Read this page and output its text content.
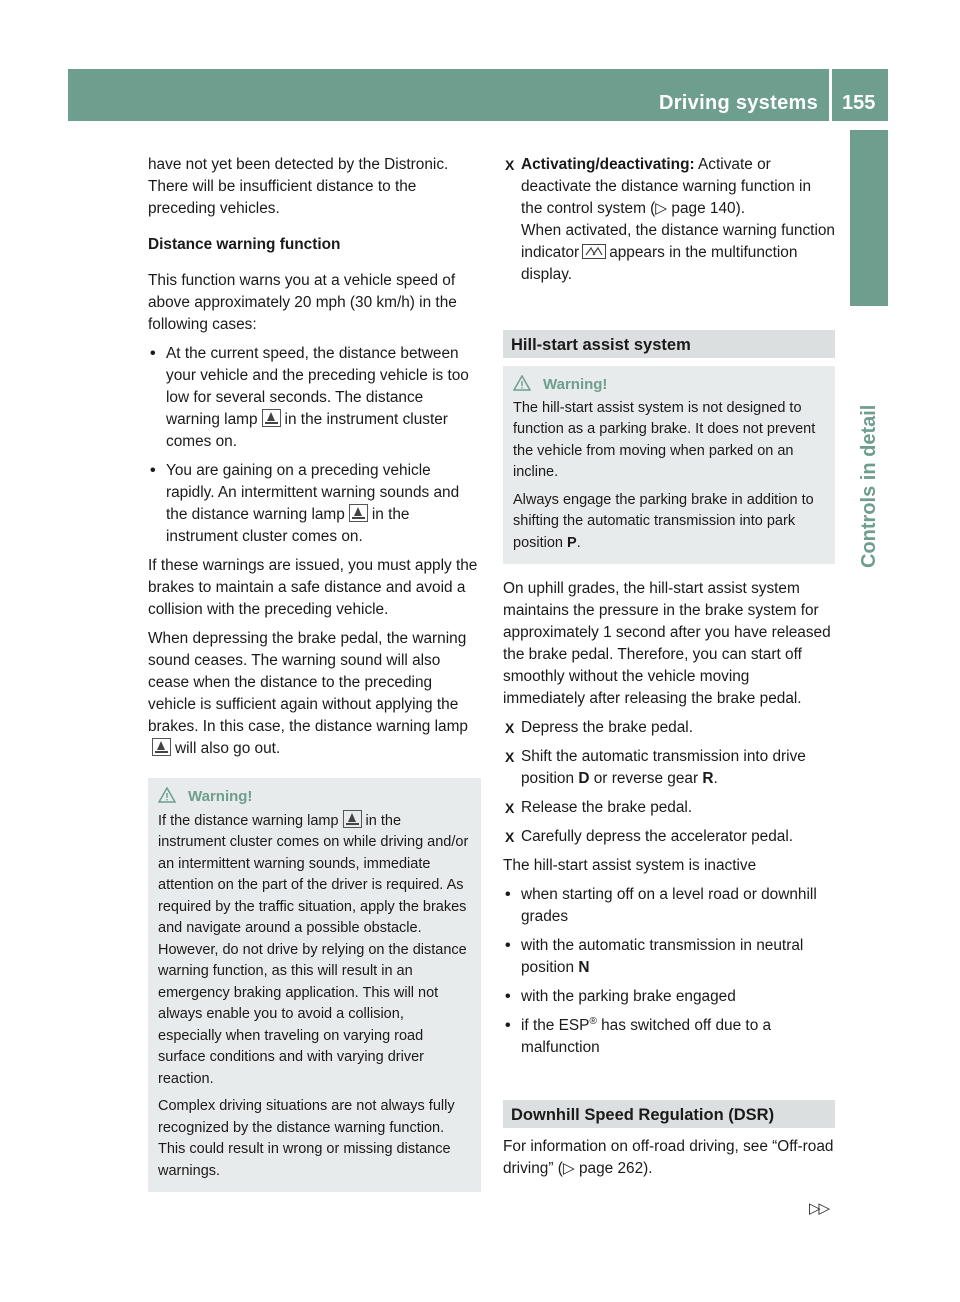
Driving systems 155
Controls in detail

have not yet been detected by the Distronic. There will be insufficient distance to the preceding vehicles.

Distance warning function

This function warns you at a vehicle speed of above approximately 20 mph (30 km/h) in the following cases:

• At the current speed, the distance between your vehicle and the preceding vehicle is too low for several seconds. The distance warning lamp in the instrument cluster comes on.
• You are gaining on a preceding vehicle rapidly. An intermittent warning sounds and the distance warning lamp in the instrument cluster comes on.

If these warnings are issued, you must apply the brakes to maintain a safe distance and avoid a collision with the preceding vehicle.

When depressing the brake pedal, the warning sound ceases. The warning sound will also cease when the distance to the preceding vehicle is sufficient again without applying the brakes. In this case, the distance warning lampwill also go out.

Warning!

If the distance warning lamp in the instrument cluster comes on while driving and/or an intermittent warning sounds, immediate attention on the part of the driver is required. As required by the traffic situation, apply the brakes and navigate around a possible obstacle. However, do not drive by relying on the distance warning function, as this will result in an emergency braking application. This will not always enable you to avoid a collision, especially when traveling on varying road surface conditions and with varying driver reaction.

Complex driving situations are not always fully recognized by the distance warning function. This could result in wrong or missing distance warnings.

X Activating/deactivating: Activate or deactivate the distance warning function in the control system (▷ page 140).
When activated, the distance warning function indicator appears in the multifunction display.
Hill-start assist system
Warning!

The hill-start assist system is not designed to function as a parking brake. It does not prevent the vehicle from moving when parked on an incline.

Always engage the parking brake in addition to shifting the automatic transmission into park position P.

On uphill grades, the hill-start assist system maintains the pressure in the brake system for approximately 1 second after you have released the brake pedal. Therefore, you can start off smoothly without the vehicle moving immediately after releasing the brake pedal.

X Depress the brake pedal.
X Shift the automatic transmission into drive position D or reverse gear R.
X Release the brake pedal.
X Carefully depress the accelerator pedal.

The hill-start assist system is inactive

• when starting off on a level road or downhill grades
• with the automatic transmission in neutral position N
• with the parking brake engaged
• if the ESP® has switched off due to a malfunction
Downhill Speed Regulation (DSR)

For information on off-road driving, see “Off-road driving” (▷ page 262).

▷▷
